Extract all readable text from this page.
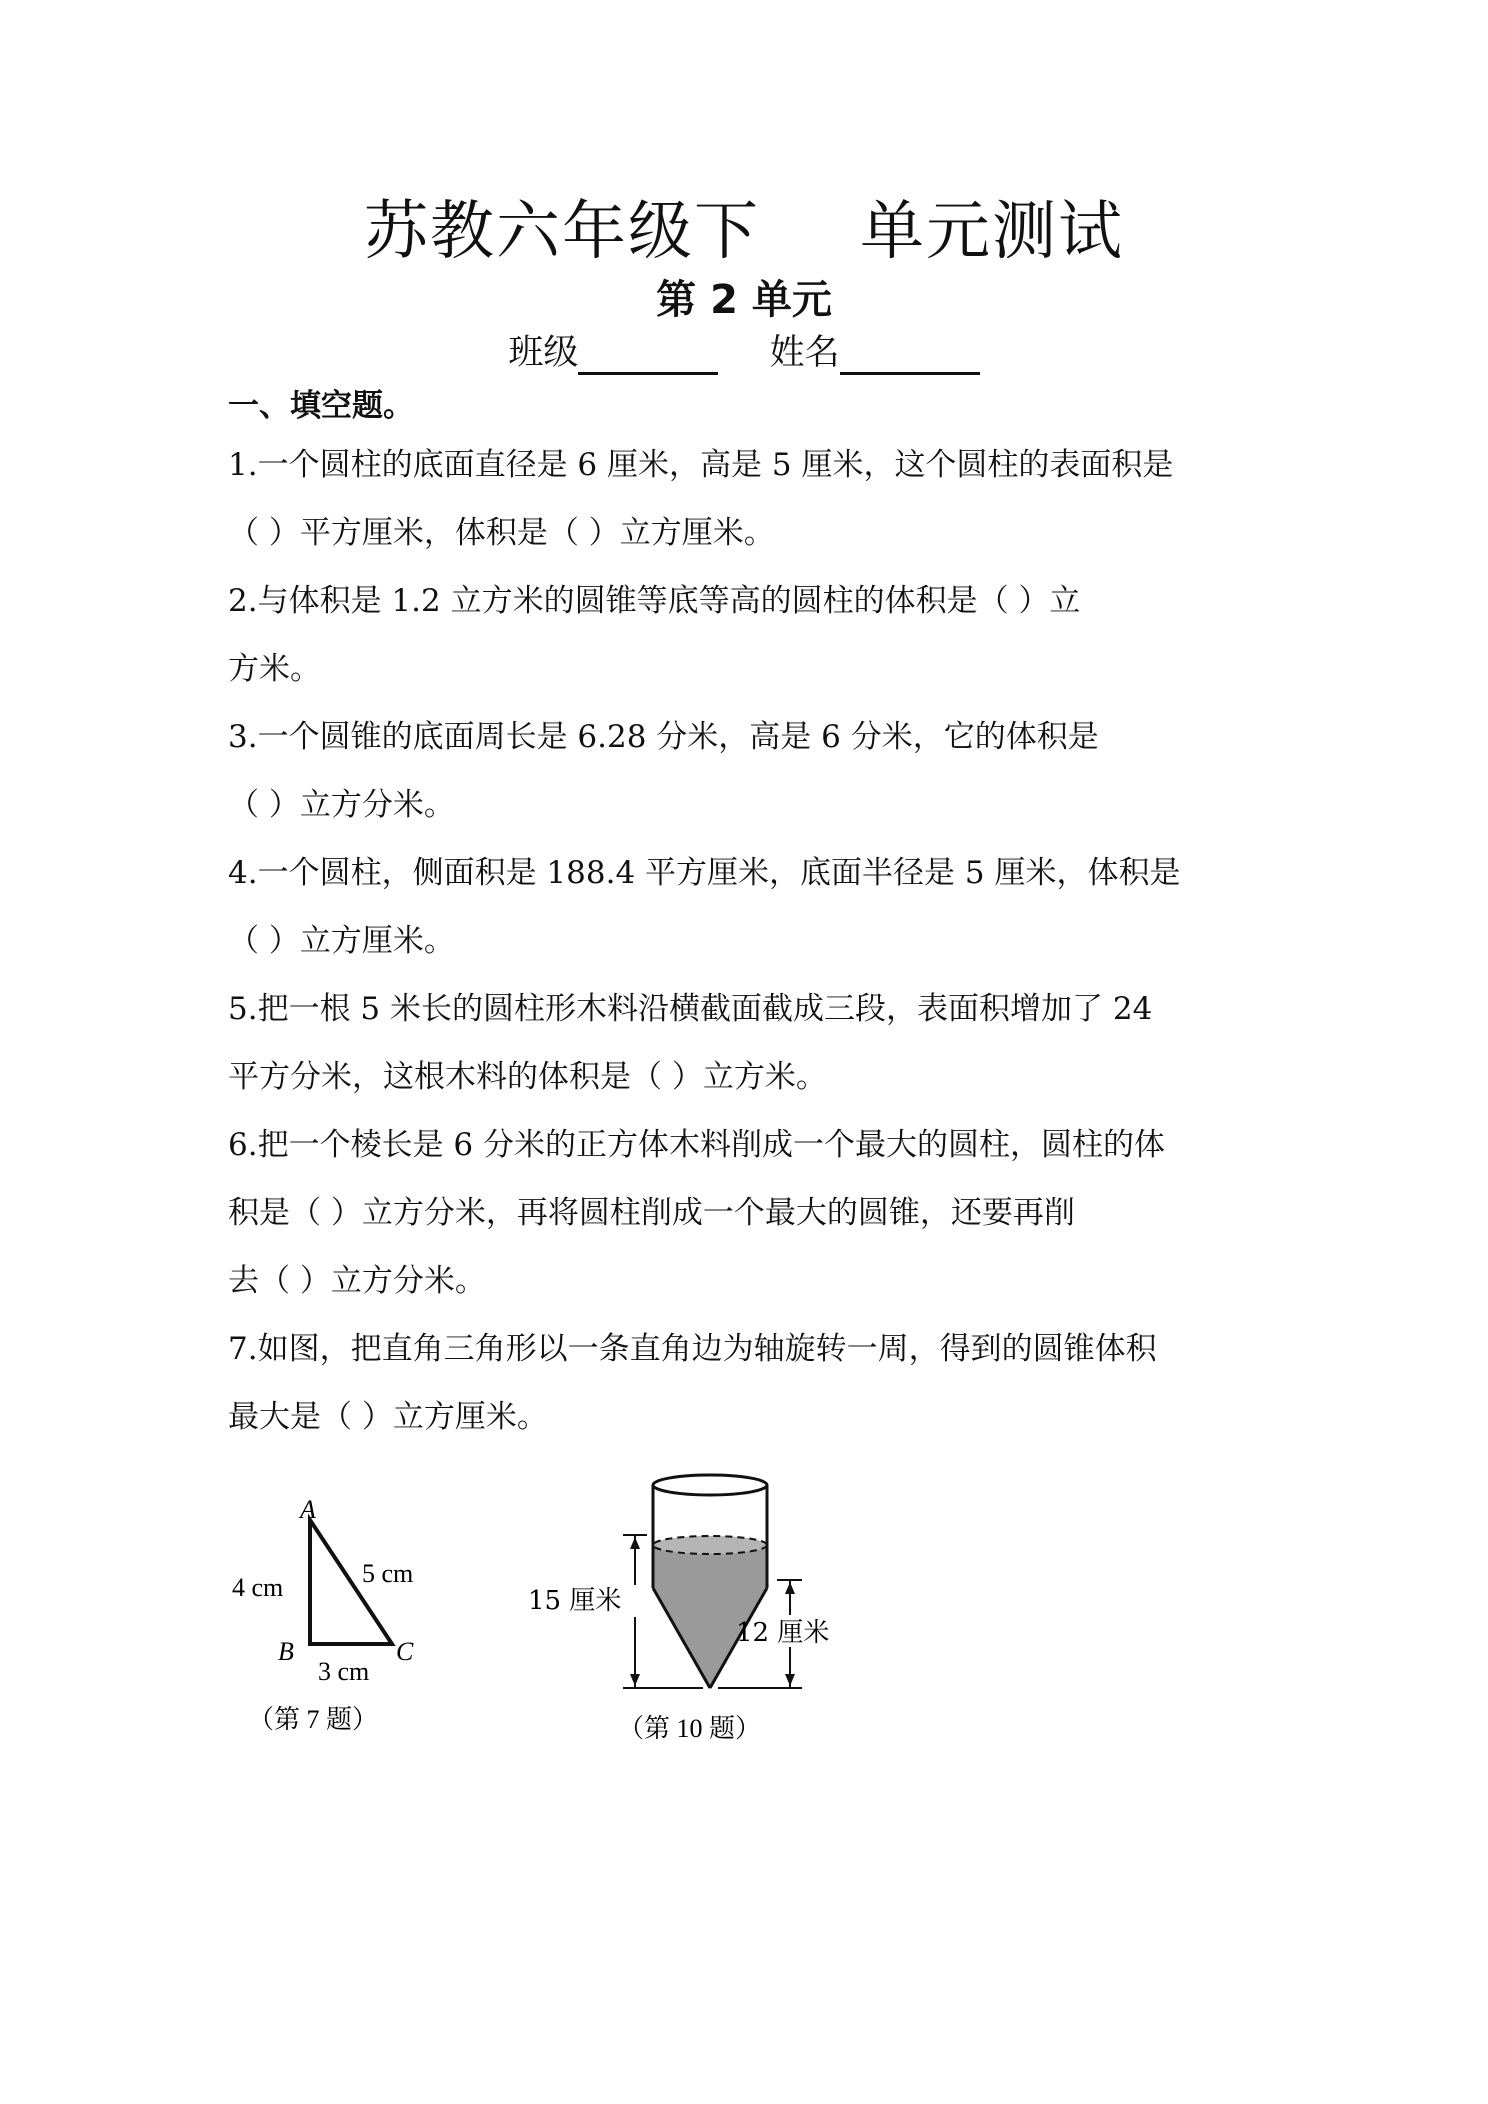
苏教六年级下 单元测试
第 2 单元
班级	姓名
一、填空题。
1.一个圆柱的底面直径是 6 厘米，高是 5 厘米，这个圆柱的表面积是
（ ）平方厘米，体积是（ ）立方厘米。
2.与体积是 1.2 立方米的圆锥等底等高的圆柱的体积是（ ）立
方米。
3.一个圆锥的底面周长是 6.28 分米，高是 6 分米，它的体积是
（ ）立方分米。
4.一个圆柱，侧面积是 188.4 平方厘米，底面半径是 5 厘米，体积是
（ ）立方厘米。
5.把一根 5 米长的圆柱形木料沿横截面截成三段，表面积增加了 24
平方分米，这根木料的体积是（ ）立方米。
6.把一个棱长是 6 分米的正方体木料削成一个最大的圆柱，圆柱的体
积是（ ）立方分米，再将圆柱削成一个最大的圆锥，还要再削
去（ ）立方分米。
7.如图，把直角三角形以一条直角边为轴旋转一周，得到的圆锥体积
最大是（ ）立方厘米。
A
B	C
4 cm	5 cm
3 cm
（第 7 题）
15 厘米
12 厘米
（第 10 题）
